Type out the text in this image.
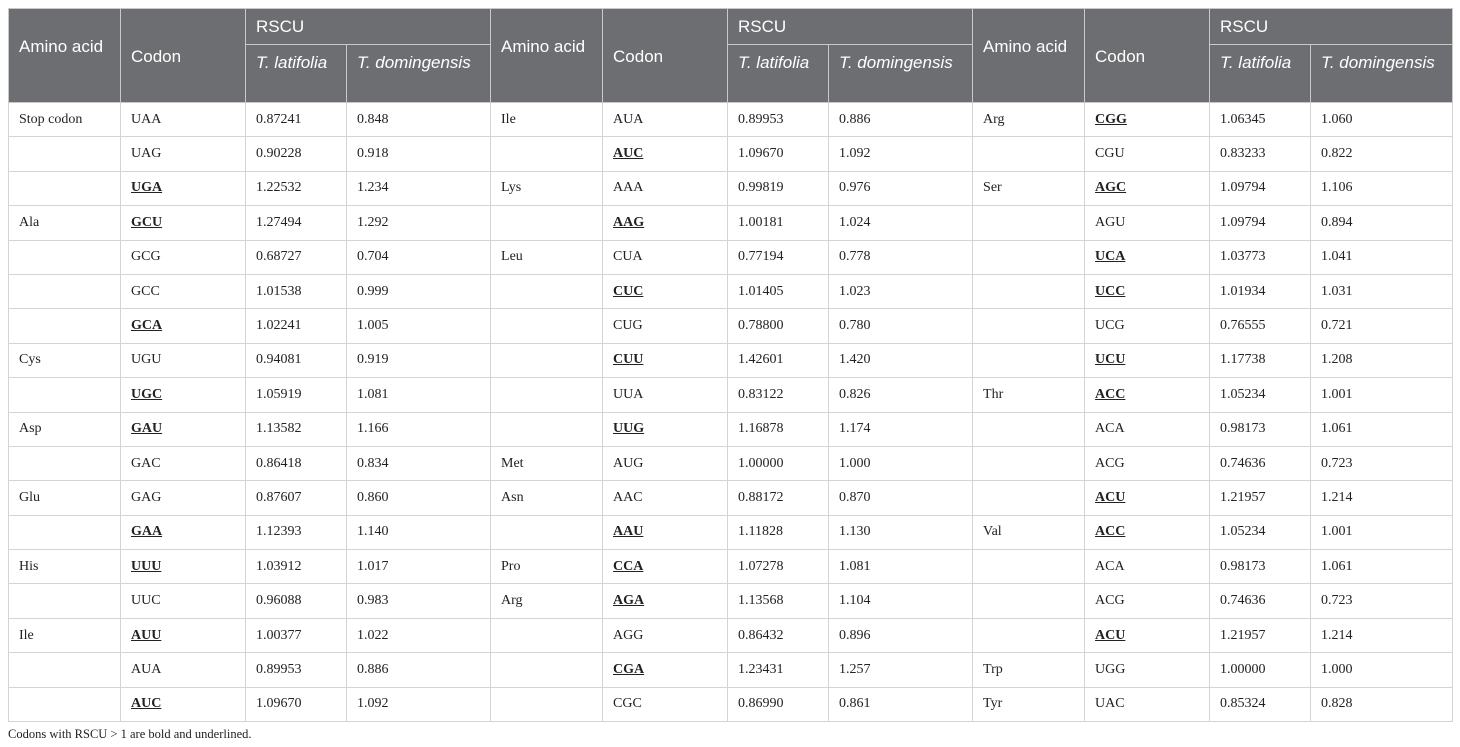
Amino acid	Codon	RSCU		Amino acid	Codon	RSCU		Amino acid	Codon	RSCU	
		T. latifolia	T. domingensis			T. latifolia	T. domingensis			T. latifolia	T. domingensis
Stop codon	UAA	0.87241	0.848	Ile	AUA	0.89953	0.886	Arg	CGG	1.06345	1.060
	UAG	0.90228	0.918		AUC	1.09670	1.092		CGU	0.83233	0.822
	UGA	1.22532	1.234	Lys	AAA	0.99819	0.976	Ser	AGC	1.09794	1.106
Ala	GCU	1.27494	1.292		AAG	1.00181	1.024		AGU	1.09794	0.894
	GCG	0.68727	0.704	Leu	CUA	0.77194	0.778		UCA	1.03773	1.041
	GCC	1.01538	0.999		CUC	1.01405	1.023		UCC	1.01934	1.031
	GCA	1.02241	1.005		CUG	0.78800	0.780		UCG	0.76555	0.721
Cys	UGU	0.94081	0.919		CUU	1.42601	1.420		UCU	1.17738	1.208
	UGC	1.05919	1.081		UUA	0.83122	0.826	Thr	ACC	1.05234	1.001
Asp	GAU	1.13582	1.166		UUG	1.16878	1.174		ACA	0.98173	1.061
	GAC	0.86418	0.834	Met	AUG	1.00000	1.000		ACG	0.74636	0.723
Glu	GAG	0.87607	0.860	Asn	AAC	0.88172	0.870		ACU	1.21957	1.214
	GAA	1.12393	1.140		AAU	1.11828	1.130	Val	ACC	1.05234	1.001
His	UUU	1.03912	1.017	Pro	CCA	1.07278	1.081		ACA	0.98173	1.061
	UUC	0.96088	0.983	Arg	AGA	1.13568	1.104		ACG	0.74636	0.723
Ile	AUU	1.00377	1.022		AGG	0.86432	0.896		ACU	1.21957	1.214
	AUA	0.89953	0.886		CGA	1.23431	1.257	Trp	UGG	1.00000	1.000
	AUC	1.09670	1.092		CGC	0.86990	0.861	Tyr	UAC	0.85324	0.828
Codons with RSCU > 1 are bold and underlined.
